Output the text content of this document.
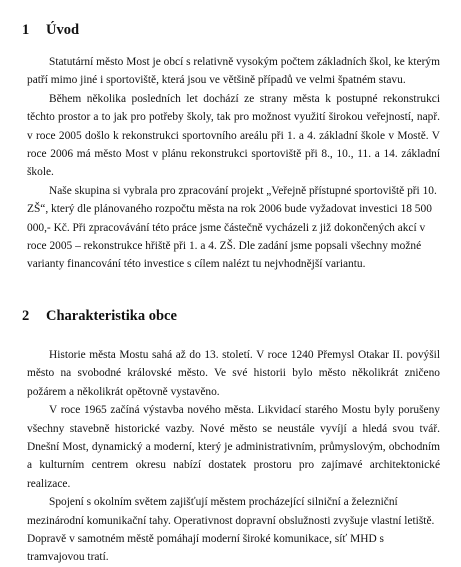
1 Úvod

Statutární město Most je obcí s relativně vysokým počtem základních škol, ke kterým patří mimo jiné i sportoviště, která jsou ve většině případů ve velmi špatném stavu.

Během několika posledních let dochází ze strany města k postupné rekonstrukci těchto prostor a to jak pro potřeby školy, tak pro možnost využití širokou veřejností, např. v roce 2005 došlo k rekonstrukci sportovního areálu při 1. a 4. základní škole v Mostě. V roce 2006 má město Most v plánu rekonstrukci sportoviště při 8., 10., 11. a 14. základní škole.

Naše skupina si vybrala pro zpracování projekt „Veřejně přístupné sportoviště při 10. ZŠ“, který dle plánovaného rozpočtu města na rok 2006 bude vyžadovat investici 18 500 000,- Kč. Při zpracovávání této práce jsme částečně vycházeli z již dokončených akcí v roce 2005 – rekonstrukce hřiště při 1. a 4. ZŠ. Dle zadání jsme popsali všechny možné varianty financování této investice s cílem nalézt tu nejvhodnější variantu.

2 Charakteristika obce

Historie města Mostu sahá až do 13. století. V roce 1240 Přemysl Otakar II. povýšil město na svobodné královské město. Ve své historii bylo město několikrát zničeno požárem a několikrát opětovně vystavěno.

V roce 1965 začíná výstavba nového města. Likvidací starého Mostu byly porušeny všechny stavebně historické vazby. Nové město se neustále vyvíjí a hledá svou tvář. Dnešní Most, dynamický a moderní, který je administrativním, průmyslovým, obchodním a kulturním centrem okresu nabízí dostatek prostoru pro zajímavé architektonické realizace.

Spojení s okolním světem zajišťují městem procházející silniční a železniční mezinárodní komunikační tahy. Operativnost dopravní obslužnosti zvyšuje vlastní letiště. Dopravě v samotném městě pomáhají moderní široké komunikace, síť MHD s tramvajovou tratí.
